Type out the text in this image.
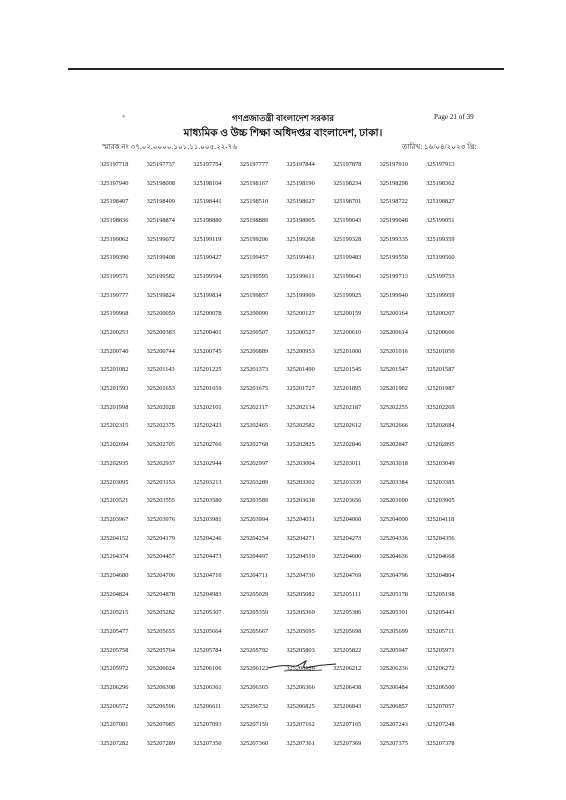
*	গণপ্রজাতন্ত্রী বাংলাদেশ সরকার
মাধ্যমিক ও উচ্চ শিক্ষা অধিদপ্তর বাংলাদেশ, ঢাকা।
Page 21 of 39
স্মারক নং ৩৭.০২.০০০০.১০১.১১.০০৫.২২-৭৬	তারিখ: ১৬/০৪/২০২৩ খ্রি:
325197718	325197737	325197754	325197777	325197844	325197878	325197910	325197913
325197940	325198008	325198104	325198167	325198190	325198234	325198298	325198362
325198407	325198409	325198441	325198510	325198627	325198701	325198722	325198827
325198836	325198874	325198880	325198889	325198905	325199043	325199048	325199051
325199062	325199072	325199119	325199206	325199268	325199328	325199335	325199359
325199390	325199408	325199427	325199457	325199461	325199483	325199550	325199560
325199571	325199582	325199594	325199595	325199611	325199643	325199713	325199753
325199777	325199824	325199834	325199857	325199909	325199925	325199940	325199959
325199968	325200059	325200078	325200090	325200127	325200159	325200164	325200207
325200253	325200383	325200401	325200507	325200527	325200610	325200614	325200666
325200740	325200744	325200745	325200889	325200953	325201000	325201016	325201050
325201082	325201143	325201225	325201373	325201490	325201545	325201547	325201587
325201593	325201653	325201659	325201675	325201727	325201895	325201902	325201987
325201998	325202028	325202101	325202117	325202134	325202187	325202255	325202269
325202315	325202375	325202423	325202465	325202582	325202612	325202666	325202684
325202694	325202705	325202766	325202768	325202825	325202846	325202847	325202895
325202935	325202937	325202944	325202997	325203004	325203011	325203018	325203049
325203095	325203153	325203213	325203289	325203302	325203339	325203384	325203385
325203521	325203555	325203580	325203589	325203638	325203656	325203690	325203905
325203967	325203976	325203981	325203994	325204031	325204060	325204090	325204118
325204152	325204179	325204246	325204254	325204271	325204273	325204336	325204356
325204374	325204457	325204473	325204497	325204519	325204600	325204636	325204668
325204680	325204706	325204710	325204711	325204730	325204769	325204796	325204804
325204824	325204878	325204983	325205029	325205082	325205111	325205178	325205198
325205215	325205282	325205307	325205359	325205369	325205386	325205391	325205443
325205477	325205655	325205664	325205667	325205695	325205698	325205699	325205711
325205758	325205764	325205784	325205792	325205803	325205822	325205947	325205971
325205972	325206024	325206106	325206122	325206126	325206212	325206236	325206272
325206296	325206308	325206361	325206365	325206366	325206438	325206484	325206500
325206572	325206596	325206611	325206732	325206825	325206843	325206857	325207057
325207081	325207085	325207093	325207159	325207162	325207165	325207243	325207248
325207282	325207289	325207350	325207360	325207361	325207369	325207375	325207378
